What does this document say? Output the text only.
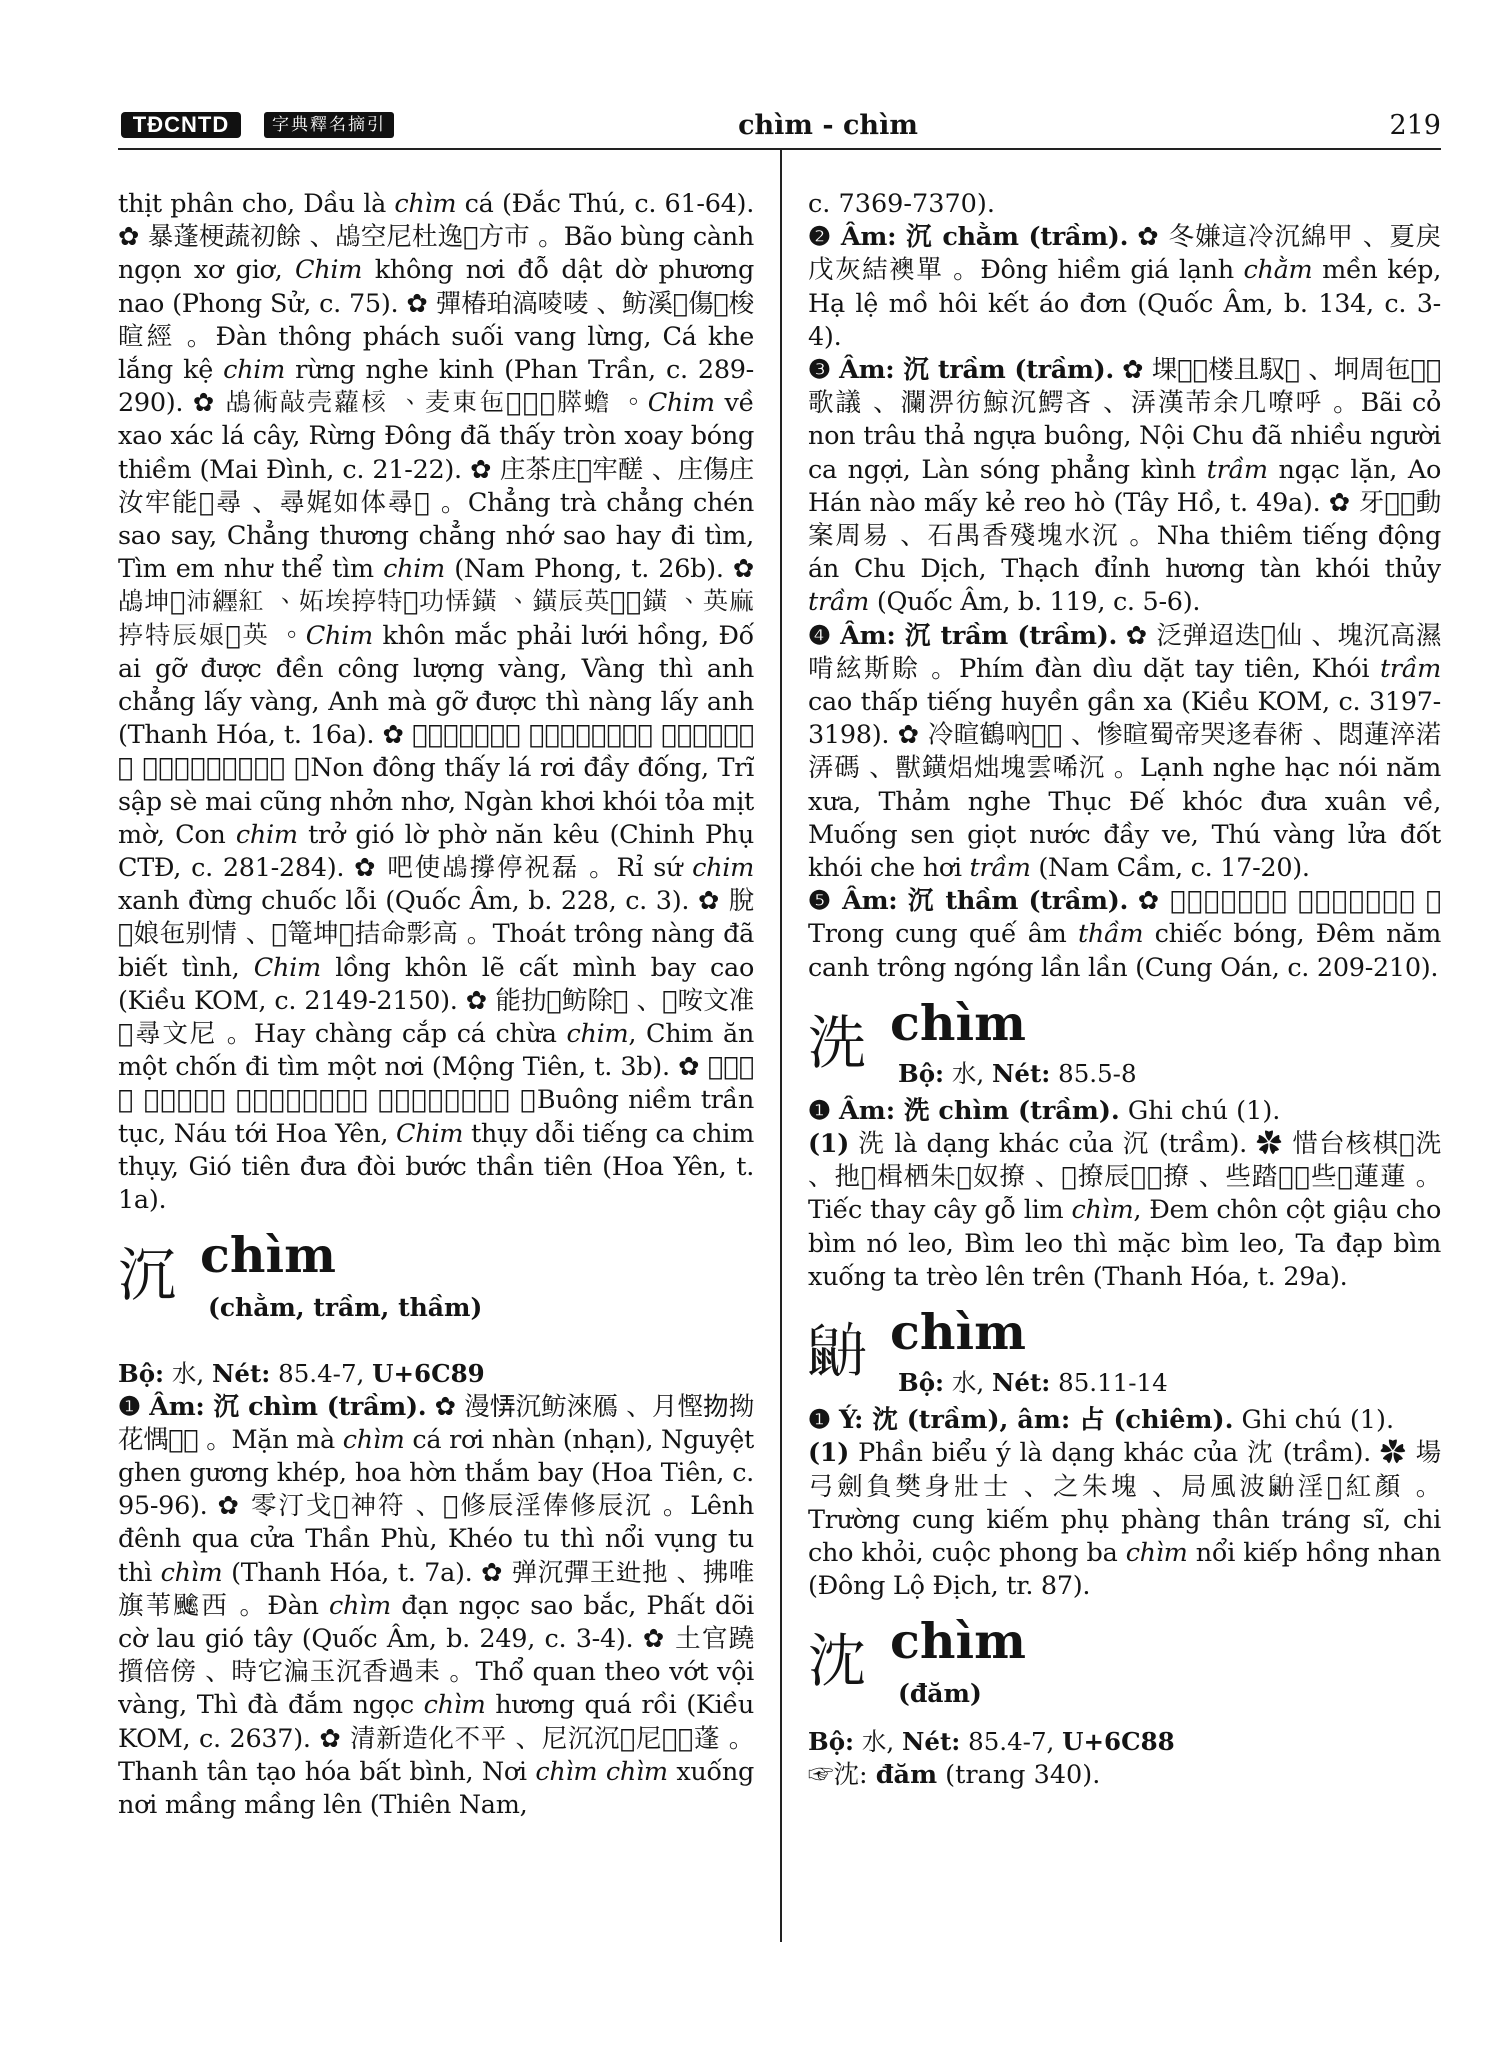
TĐCNTD	字典釋名摘引	chìm - chìm	219

thịt phân cho, Dầu là chìm cá (Đắc Thú, c. 61-64). ✿ 暴蓬梗蔬初餘 、𪀄空尼杜逸𣇜方市 。Bão bùng cành ngọn xơ giơ, Chim không nơi đỗ dật dờ phương nao (Phong Sử, c. 75). ✿ 彈椿珀滈㖫唛 、鲂溪𦗏傷𪀄梭暄經 。Đàn thông phách suối vang lừng, Cá khe lắng kệ chim rừng nghe kinh (Phan Trần, c. 289-290). ✿ 𪀄術敲壳蘿核 、麦東㐌𧡊𨇾𠻵膵蟾 。Chim về xao xác lá cây, Rừng Đông đã thấy tròn xoay bóng thiềm (Mai Đình, c. 21-22). ✿ 庄茶庄𠺙牢醝 、庄傷庄汝牢能𧗱尋 、尋娓如体尋𪀄 。Chẳng trà chẳng chén sao say, Chẳng thương chẳng nhớ sao hay đi tìm, Tìm em như thể tìm chim (Nam Phong, t. 26b). ✿ 𪀄坤𪓇沛纒紅 、妬埃揨特𦓡功𢙱鐄 、鐄辰英𢭫𥙩鐄 、英麻揨特辰娘𥙩英 。Chim khôn mắc phải lưới hồng, Đố ai gỡ được đền công lượng vàng, Vàng thì anh chẳng lấy vàng, Anh mà gỡ được thì nàng lấy anh (Thanh Hóa, t. 16a). ✿ 𡽫東𧡊蘿掞苔𣘃 、𨕭習茌梅拱眼如 、岸澗塊鎖霳𩆐 、𡥵𪀄扳𩙍吘吱𠿗呌 。Non đông thấy lá rơi đầy đống, Trĩ sập sè mai cũng nhởn nhơ, Ngàn khơi khói tỏa mịt mờ, Con chim trở gió lờ phờ năn kêu (Chinh Phụ CTĐ, c. 281-284). ✿ 吧使𪀄撐停祝磊 。Rỉ sứ chim xanh đừng chuốc lỗi (Quốc Âm, b. 228, c. 3). ✿ 脫𬖉娘㐌别情 、𪀄篭坤𨦩拮命彯高 。Thoát trông nàng đã biết tình, Chim lồng khôn lẽ cất mình bay cao (Kiều KOM, c. 2149-2150). ✿ 能扐𢭮鲂除𪀄 、𪀄咹文准𧗱尋文尼 。Hay chàng cắp cá chừa chim, Chim ăn một chốn đi tìm một nơi (Mộng Tiên, t. 3b). ✿ 𦹳念塵俗 、𢩽細花煙 、𪀄瑞唯啃歌𪀄瑞 、愈僊迻隊䟠神僊 。Buông niềm trần tục, Náu tới Hoa Yên, Chim thụy dỗi tiếng ca chim thụy, Gió tiên đưa đòi bước thần tiên (Hoa Yên, t. 1a).

沉 chìm
(chằm, trầm, thầm)

Bộ: 水, Nét: 85.4-7, U+6C89

❶ Âm: 沉 chìm (trầm). ✿ 漫𢙱沉鲂淶鴈 、月慳𢪱拗花㥥𦀺𦀻 。Mặn mà chìm cá rơi nhàn (nhạn), Nguyệt ghen gương khép, hoa hờn thắm bay (Hoa Tiên, c. 95-96). ✿ 零汀戈𨷯神符 、𡗶修辰淫俸修辰沉 。Lênh đênh qua cửa Thần Phù, Khéo tu thì nổi vụng tu thì chìm (Thanh Hóa, t. 7a). ✿ 弹沉彈王𨑮扡 、拂唯旗苇𩙍西 。Đàn chìm đạn ngọc sao bắc, Phất dõi cờ lau gió tây (Quốc Âm, b. 249, c. 3-4). ✿ 土官蹺㩫倍傍 、時它㴜玉沉香過耒 。Thổ quan theo vớt vội vàng, Thì đà đắm ngọc chìm hương quá rồi (Kiều KOM, c. 2637). ✿ 清新造化不平 、尼沉沉𨑻尼𣛨𣛨蓬 。Thanh tân tạo hóa bất bình, Nơi chìm chìm xuống nơi mầng mầng lên (Thiên Nam,

c. 7369-7370).

❷ Âm: 沉 chằm (trầm). ✿ 冬嫌這冷沉綿甲 、夏戾戊灰結襖單 。Đông hiềm giá lạnh chằm mền kép, Hạ lệ mồ hôi kết áo đơn (Quốc Âm, b. 134, c. 3-4).

❸ Âm: 沉 trầm (trầm). ✿ 堁𦹵𡽫楼且馭𦬑 、坰周㐌𠦳𠶆歌議 、瀾淠彷鯨沉鰐吝 、㳥漢芾余几嘹呼 。Bãi cỏ non trâu thả ngựa buông, Nội Chu đã nhiều người ca ngợi, Làn sóng phẳng kình trầm ngạc lặn, Ao Hán nào mấy kẻ reo hò (Tây Hồ, t. 49a). ✿ 牙𥱯𠶆動案周易 、石禺香殘塊水沉 。Nha thiêm tiếng động án Chu Dịch, Thạch đỉnh hương tàn khói thủy trầm (Quốc Âm, b. 119, c. 5-6).

❹ Âm: 沉 trầm (trầm). ✿ 泛弹迢迭𢌌仙 、塊沉高濕啃絃斯賒 。Phím đàn dìu dặt tay tiên, Khói trầm cao thấp tiếng huyền gần xa (Kiều KOM, c. 3197-3198). ✿ 冷暄鶴吶𢆥𣈜 、惨暄蜀帝哭迻春術 、悶蓮淬渃㳥碼 、獸鐄焒炪塊雲唏沉 。Lạnh nghe hạc nói năm xưa, Thảm nghe Thục Đế khóc đưa xuân về, Muống sen giọt nước đầy ve, Thú vàng lửa đốt khói che hơi trầm (Nam Cầm, c. 17-20).

❺ Âm: 沉 thầm (trầm). ✿ 𦣰宮桂音沉隻膵 、𢆥更瞠䫡𠫾𠫾 。Trong cung quế âm thầm chiếc bóng, Đêm năm canh trông ngóng lần lần (Cung Oán, c. 209-210).

洗 chìm
Bộ: 水, Nét: 85.5-8

❶ Âm: 洗 chìm (trầm). Ghi chú (1).

(1) 洗 là dạng khác của 沉 (trầm). ✿ 惜台核棋𣘃洗 、扡𢱒楫栖朱𦹵奴撩 、𦹵撩辰𪓇𦹵撩 、些踏𦹵𨅸些𢴑蓮蓮 。Tiếc thay cây gỗ lim chìm, Đem chôn cột giậu cho bìm nó leo, Bìm leo thì mặc bìm leo, Ta đạp bìm xuống ta trèo lên trên (Thanh Hóa, t. 29a).

𪕄 chìm
Bộ: 水, Nét: 85.11-14

❶ Ý: 沈 (trầm), âm: 占 (chiêm). Ghi chú (1).

(1) Phần biểu ý là dạng khác của 沈 (trầm). ✿ 場弓劍負樊身壯士 、之朱塊 、局風波𪕄淫𠜭紅顏 。Trường cung kiếm phụ phàng thân tráng sĩ, chi cho khỏi, cuộc phong ba chìm nổi kiếp hồng nhan (Đông Lộ Địch, tr. 87).

沈 chìm
(đăm)

Bộ: 水, Nét: 85.4-7, U+6C88

☞沈: đăm (trang 340).
